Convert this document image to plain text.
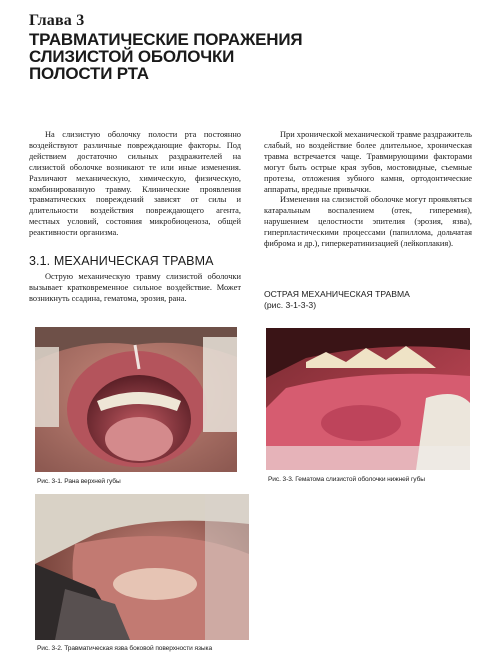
Глава 3
ТРАВМАТИЧЕСКИЕ ПОРАЖЕНИЯ
СЛИЗИСТОЙ ОБОЛОЧКИ
ПОЛОСТИ РТА

На слизистую оболочку полости рта постоянно воздействуют различные повреждающие факторы. Под действием достаточно сильных раздражителей на слизистой оболочке возникают те или иные изменения. Различают механическую, химическую, физическую, комбинированную травму. Клинические проявления травматических повреждений зависят от силы и длительности воздействия повреждающего агента, местных условий, состояния микробиоценоза, общей реактивности организма.

3.1. МЕХАНИЧЕСКАЯ ТРАВМА

Острую механическую травму слизистой оболочки вызывает кратковременное сильное воздействие. Может возникнуть ссадина, гематома, эрозия, рана.

При хронической механической травме раздражитель слабый, но воздействие более длительное, хроническая травма встречается чаще. Травмирующими факторами могут быть острые края зубов, мостовидные, съемные протезы, отложения зубного камня, ортодонтические аппараты, вредные привычки.

Изменения на слизистой оболочке могут проявляться катаральным воспалением (отек, гиперемия), нарушением целостности эпителия (эрозия, язва), гиперпластическими процессами (папиллома, дольчатая фиброма и др.), гиперкератинизацией (лейкоплакия).

ОСТРАЯ МЕХАНИЧЕСКАЯ ТРАВМА
(рис. 3-1-3-3)
Рис. 3-1. Рана верхней губы	Рис. 3-3. Гематома слизистой оболочки нижней губы
Рис. 3-2. Травматическая язва боковой поверхности языка
